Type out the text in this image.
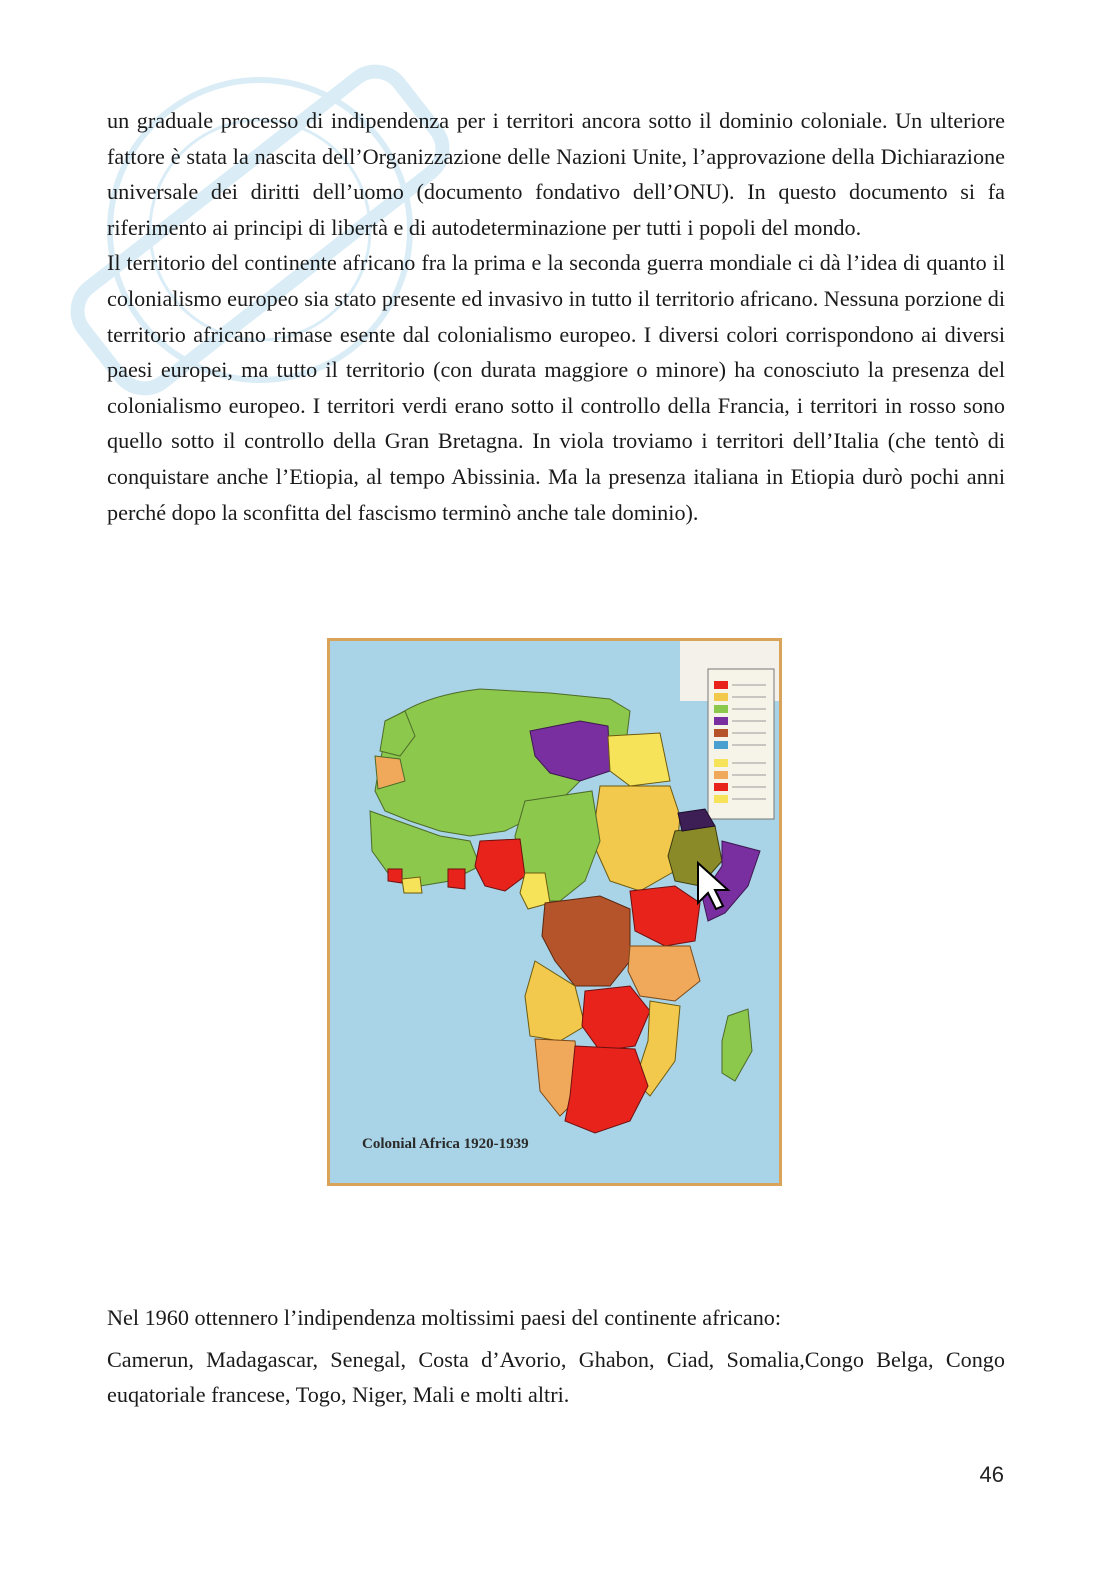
un graduale processo di indipendenza per i territori ancora sotto il dominio coloniale. Un ulteriore fattore è stata la nascita dell’Organizzazione delle Nazioni Unite, l’approvazione della Dichiarazione universale dei diritti dell’uomo (documento fondativo dell’ONU). In questo documento si fa riferimento ai principi di libertà e di autodeterminazione per tutti i popoli del mondo.

Il territorio del continente africano fra la prima e la seconda guerra mondiale ci dà l’idea di quanto il colonialismo europeo sia stato presente ed invasivo in tutto il territorio africano. Nessuna porzione di territorio africano rimase esente dal colonialismo europeo. I diversi colori corrispondono ai diversi paesi europei, ma tutto il territorio (con durata maggiore o minore) ha conosciuto la presenza del colonialismo europeo. I territori verdi erano sotto il controllo della Francia, i territori in rosso sono quello sotto il controllo della Gran Bretagna. In viola troviamo i territori dell’Italia (che tentò di conquistare anche l’Etiopia, al tempo Abissinia. Ma la presenza italiana in Etiopia durò pochi anni perché dopo la sconfitta del fascismo terminò anche tale dominio).

Colonial Africa 1920-1939

Nel 1960 ottennero l’indipendenza moltissimi paesi del continente africano:

Camerun, Madagascar, Senegal, Costa d’Avorio, Ghabon, Ciad, Somalia,Congo Belga, Congo euqatoriale francese, Togo, Niger, Mali e molti altri.

46
